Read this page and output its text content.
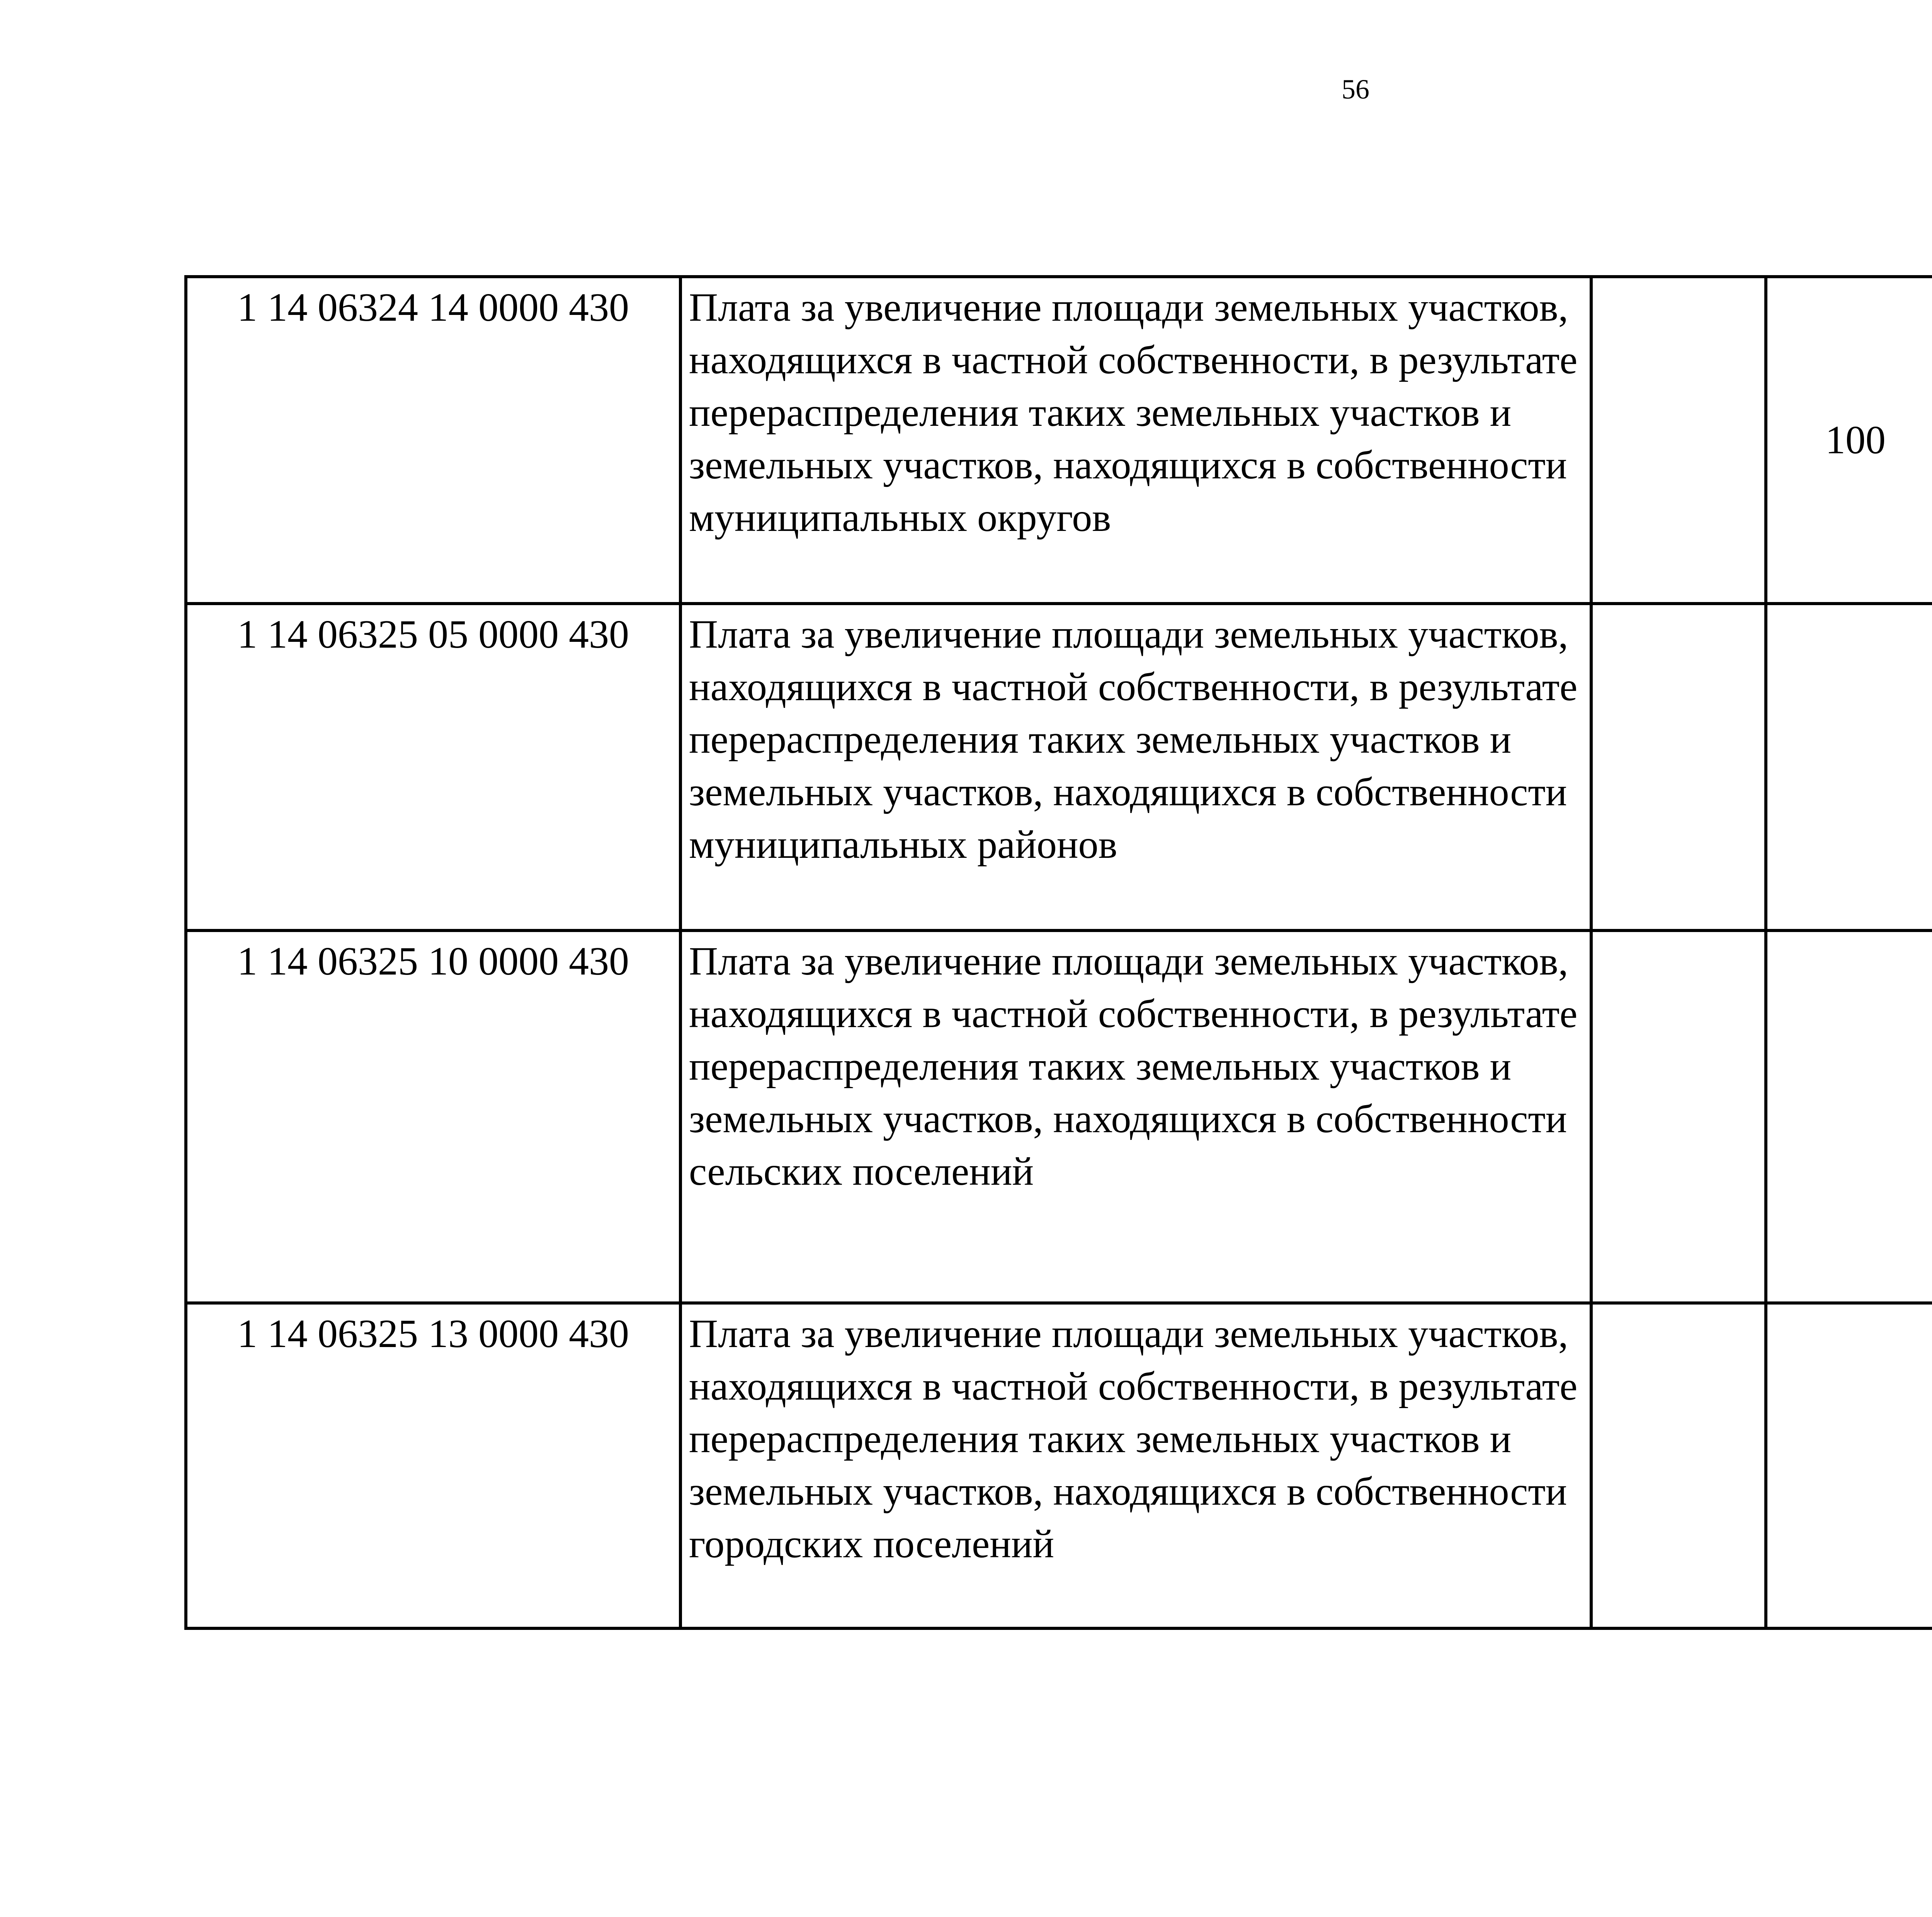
56
1 14 06324 14 0000 430	Плата за увеличение площади земельных участков, находящихся в частной собственности, в результате перераспределения таких земельных участков и земельных участков, находящихся в собственности муниципальных округов		100			
1 14 06325 05 0000 430	Плата за увеличение площади земельных участков, находящихся в частной собственности, в результате перераспределения таких земельных участков и земельных участков, находящихся в собственности муниципальных районов					
1 14 06325 10 0000 430	Плата за увеличение площади земельных участков, находящихся в частной собственности, в результате перераспределения таких земельных участков и земельных участков, находящихся в собственности сельских поселений					
1 14 06325 13 0000 430	Плата за увеличение площади земельных участков, находящихся в частной собственности, в результате перераспределения таких земельных участков и земельных участков, находящихся в собственности городских поселений					
